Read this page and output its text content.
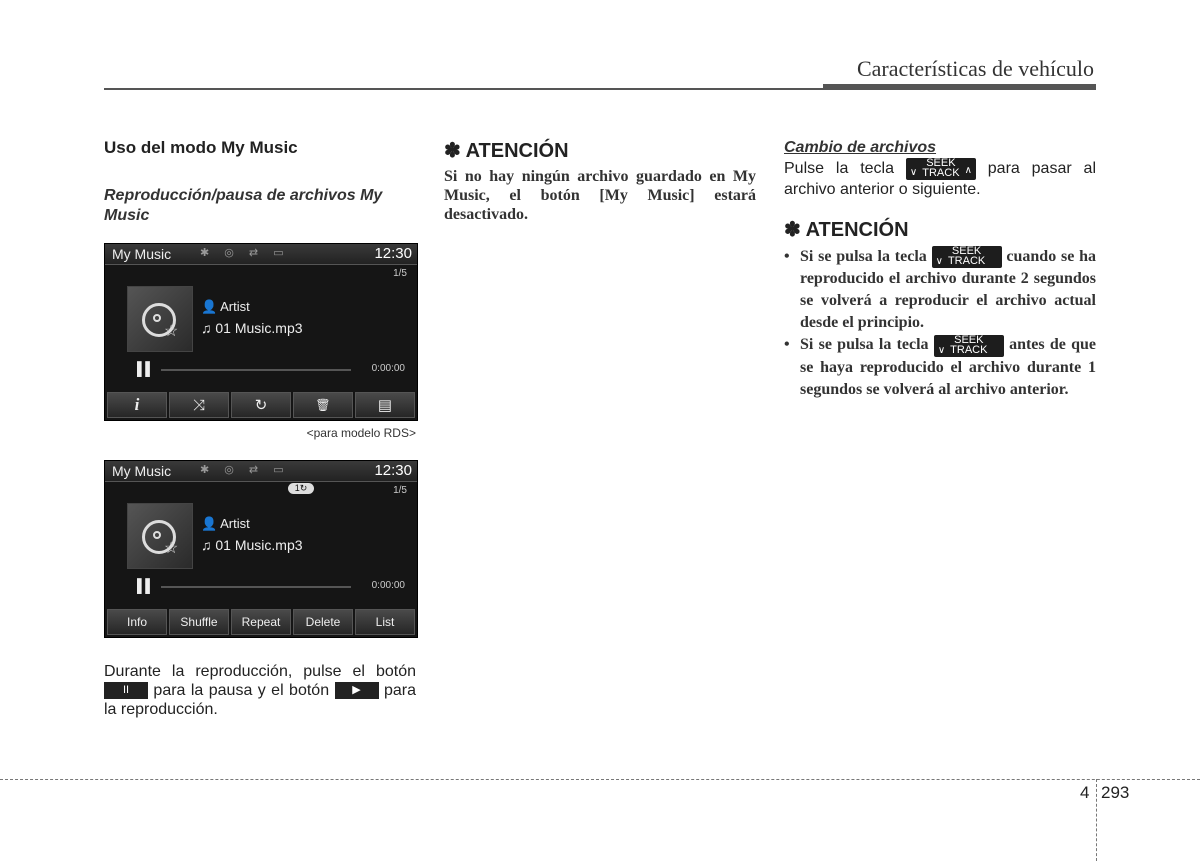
Características de vehículo
Uso del modo My Music

Reproducción/pausa de archivos My Music

My Music	✱ ◎ ⇄ ▭	12:30
1/5
☆
👤 Artist
♫ 01 Music.mp3
▌▌	0:00:00
i	⤨	↻	🗑	▤
<para modelo RDS>
My Music	✱ ◎ ⇄ ▭	12:30
1↻	1/5
☆
👤 Artist
♫ 01 Music.mp3
▌▌	0:00:00
Info	Shuffle	Repeat	Delete	List
Durante la reproducción, pulse el botón II para la pausa y el botón ▶ para la reproducción.
✽ ATENCIÓN

Si no hay ningún archivo guardado en My Music, el botón [My Music] estará desactivado.

Cambio de archivos

Pulse la tecla ∨
SEEK
TRACK ∧ para pasar al archivo anterior o siguiente.
✽ ATENCIÓN
• Si se pulsa la tecla ∨
SEEK
TRACK	cuando se ha reproducido el archivo durante 2 segundos se volverá a reproducir el archivo actual desde el principio.
• Si se pulsa la tecla ∨
SEEK
TRACK	antes de que se haya reproducido el archivo durante 1 segundos se volverá al archivo anterior.
4 293
